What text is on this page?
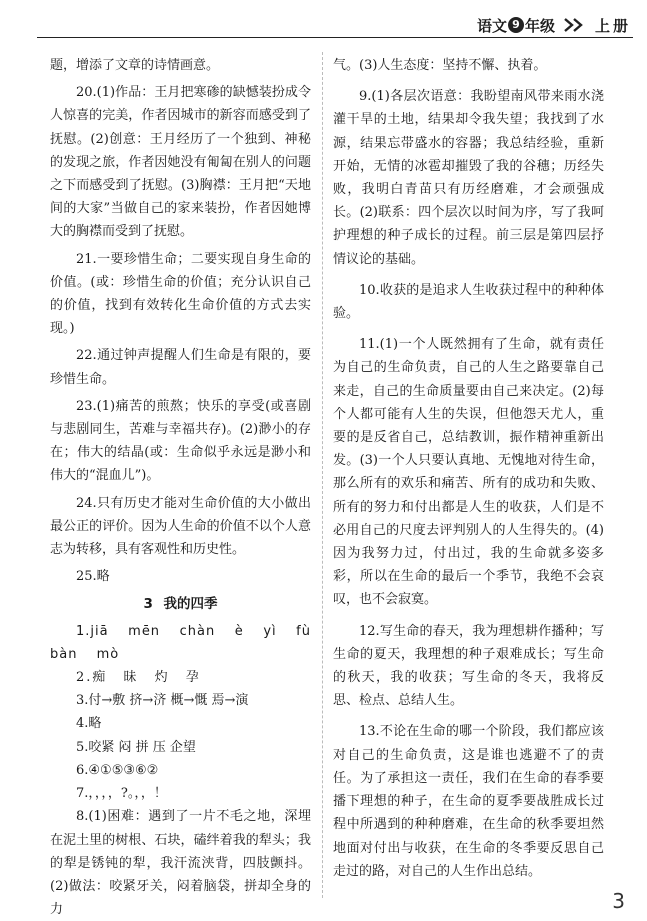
语文 9 年级	上册

题，增添了文章的诗情画意。

20.(1)作品：王月把寒碜的缺憾装扮成令人惊喜的完美，作者因城市的新容而感受到了抚慰。(2)创意：王月经历了一个独到、神秘的发现之旅，作者因她没有匍匐在别人的问题之下而感受到了抚慰。(3)胸襟：王月把“天地间的大家”当做自己的家来装扮，作者因她博大的胸襟而受到了抚慰。

21.一要珍惜生命；二要实现自身生命的价值。(或：珍惜生命的价值；充分认识自己的价值，找到有效转化生命价值的方式去实现。)

22.通过钟声提醒人们生命是有限的，要珍惜生命。

23.(1)痛苦的煎熬；快乐的享受(或喜剧与悲剧同生，苦难与幸福共存)。(2)渺小的存在；伟大的结晶(或：生命似乎永远是渺小和伟大的“混血儿”)。

24.只有历史才能对生命价值的大小做出最公正的评价。因为人生命的价值不以个人意志为转移，具有客观性和历史性。

25.略

3 我的四季

1.jiā mēn chàn è yì fù bàn mò

2.痴 昧 灼 孕

3.付→敷 挤→济 概→慨 焉→演

4.略

5.咬紧 闷 拼 压 企望

6.④①⑤③⑥②

7.，，，，?。，，！

8.(1)困难：遇到了一片不毛之地，深埋在泥土里的树根、石块，磕绊着我的犁头；我的犁是锈钝的犁，我汗流浃背，四肢颤抖。(2)做法：咬紧牙关，闷着脑袋，拼却全身的力

气。(3)人生态度：坚持不懈、执着。

9.(1)各层次语意：我盼望南风带来雨水浇灌干旱的土地，结果却令我失望；我找到了水源，结果忘带盛水的容器；我总结经验，重新开始，无情的冰雹却摧毁了我的谷穗；历经失败，我明白青苗只有历经磨难，才会顽强成长。(2)联系：四个层次以时间为序，写了我呵护理想的种子成长的过程。前三层是第四层抒情议论的基础。

10.收获的是追求人生收获过程中的种种体验。

11.(1)一个人既然拥有了生命，就有责任为自己的生命负责，自己的人生之路要靠自己来走，自己的生命质量要由自己来决定。(2)每个人都可能有人生的失误，但他怨天尤人，重要的是反省自己，总结教训，振作精神重新出发。(3)一个人只要认真地、无愧地对待生命，那么所有的欢乐和痛苦、所有的成功和失败、所有的努力和付出都是人生的收获，人们是不必用自己的尺度去评判别人的人生得失的。(4)因为我努力过，付出过，我的生命就多姿多彩，所以在生命的最后一个季节，我绝不会哀叹，也不会寂寞。

12.写生命的春天，我为理想耕作播种；写生命的夏天，我理想的种子艰难成长；写生命的秋天，我的收获；写生命的冬天，我将反思、检点、总结人生。

13.不论在生命的哪一个阶段，我们都应该对自己的生命负责，这是谁也逃避不了的责任。为了承担这一责任，我们在生命的春季要播下理想的种子，在生命的夏季要战胜成长过程中所遇到的种种磨难，在生命的秋季要坦然地面对付出与收获，在生命的冬季要反思自己走过的路，对自己的人生作出总结。

3
